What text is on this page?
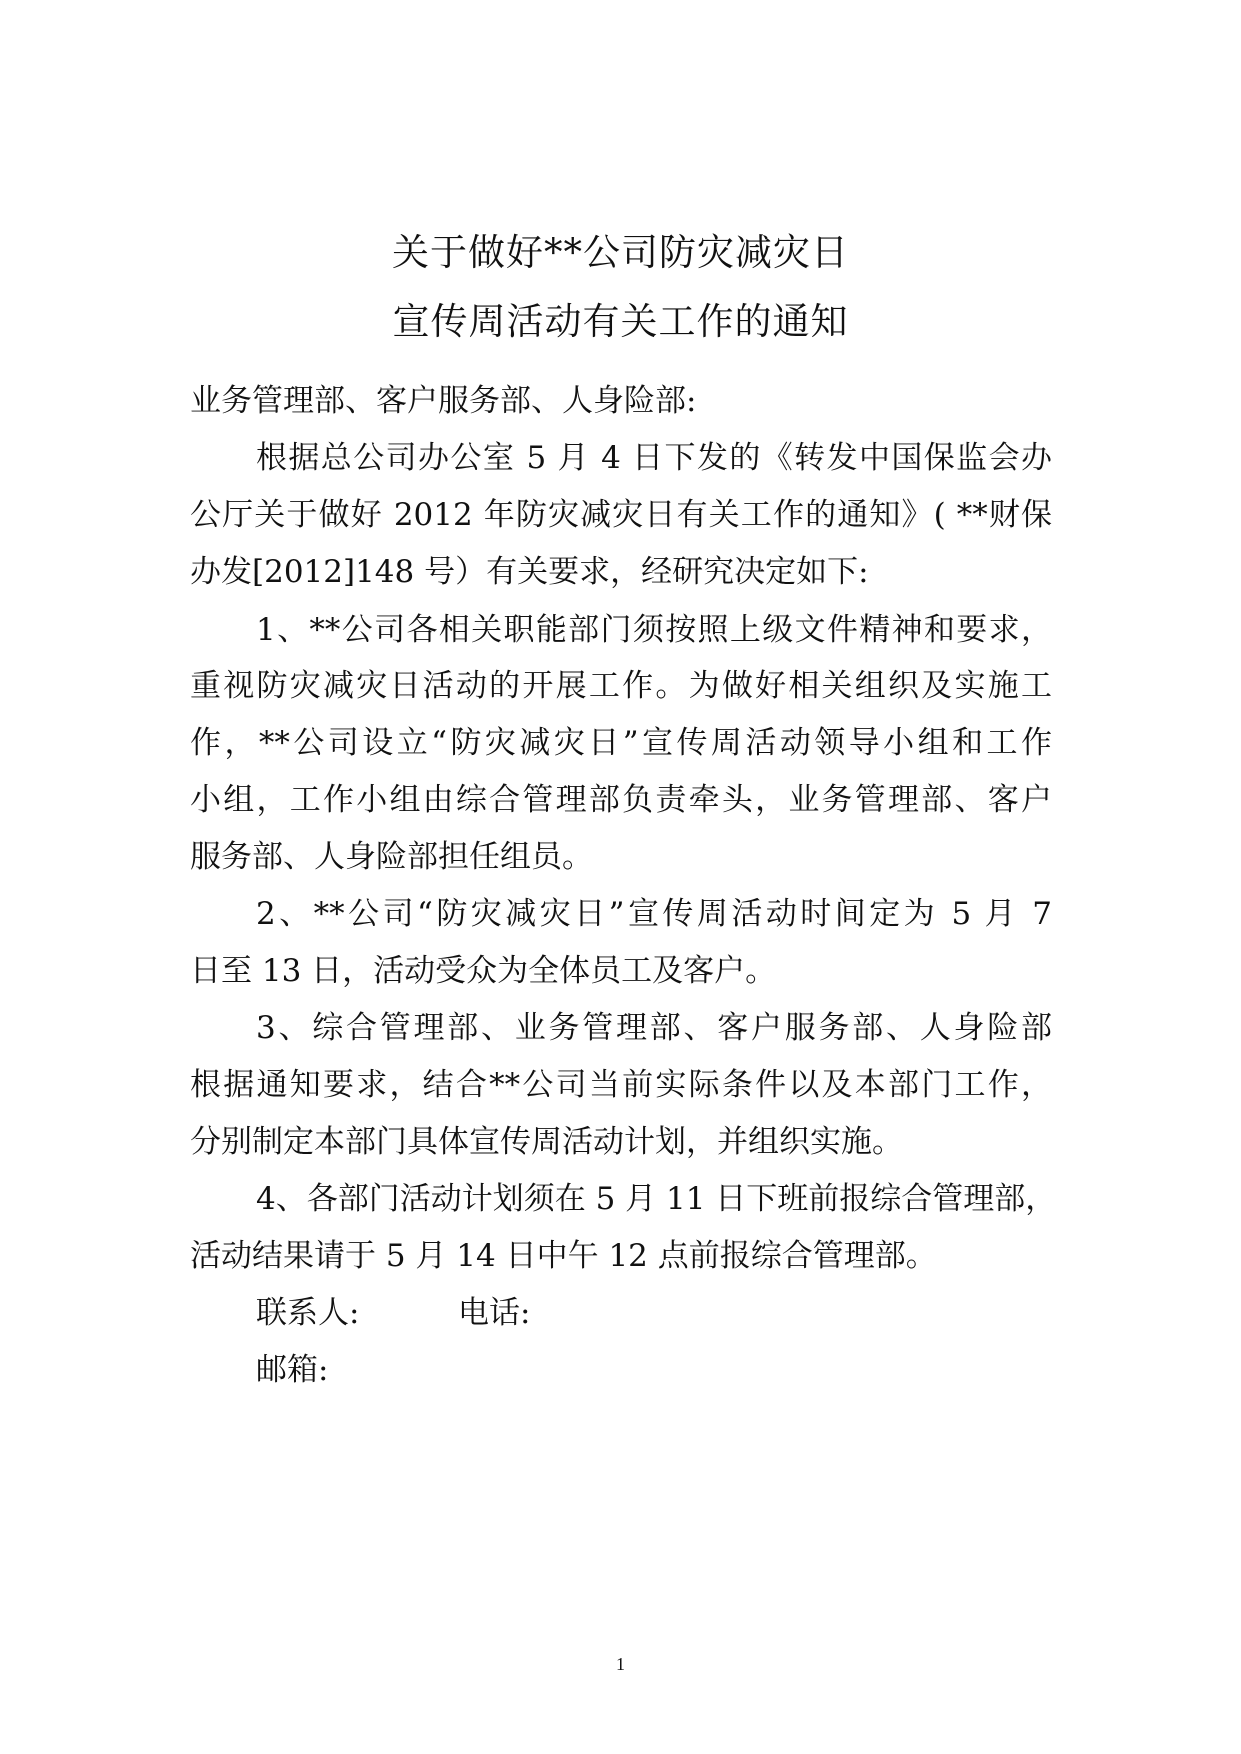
关于做好**公司防灾减灾日
宣传周活动有关工作的通知
业务管理部、客户服务部、人身险部:
根据总公司办公室 5 月 4 日下发的《转发中国保监会办
公厅关于做好 2012 年防灾减灾日有关工作的通知》( **财保
办发[2012]148 号）有关要求，经研究决定如下:
1、**公司各相关职能部门须按照上级文件精神和要求，
重视防灾减灾日活动的开展工作。为做好相关组织及实施工
作，**公司设立“防灾减灾日”宣传周活动领导小组和工作
小组，工作小组由综合管理部负责牵头，业务管理部、客户
服务部、人身险部担任组员。
2、**公司“防灾减灾日”宣传周活动时间定为 5 月 7
日至 13 日，活动受众为全体员工及客户。
3、综合管理部、业务管理部、客户服务部、人身险部
根据通知要求，结合**公司当前实际条件以及本部门工作，
分别制定本部门具体宣传周活动计划，并组织实施。
4、各部门活动计划须在 5 月 11 日下班前报综合管理部，
活动结果请于 5 月 14 日中午 12 点前报综合管理部。
联系人:	电话:
邮箱:
1
